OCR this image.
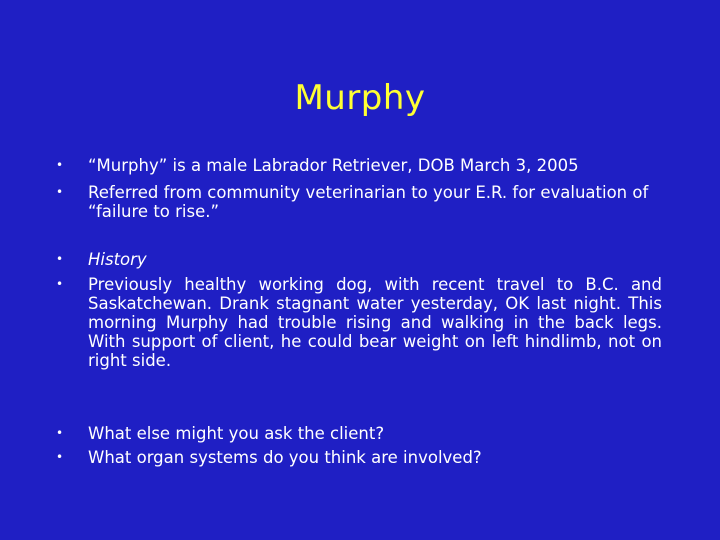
Murphy
• “Murphy” is a male Labrador Retriever, DOB March 3, 2005
• Referred from community veterinarian to your E.R. for evaluation of “failure to rise.”
• History
• Previously healthy working dog, with recent travel to B.C. and Saskatchewan. Drank stagnant water yesterday, OK last night. This morning Murphy had trouble rising and walking in the back legs. With support of client, he could bear weight on left hindlimb, not on right side.
• What else might you ask the client?
• What organ systems do you think are involved?
